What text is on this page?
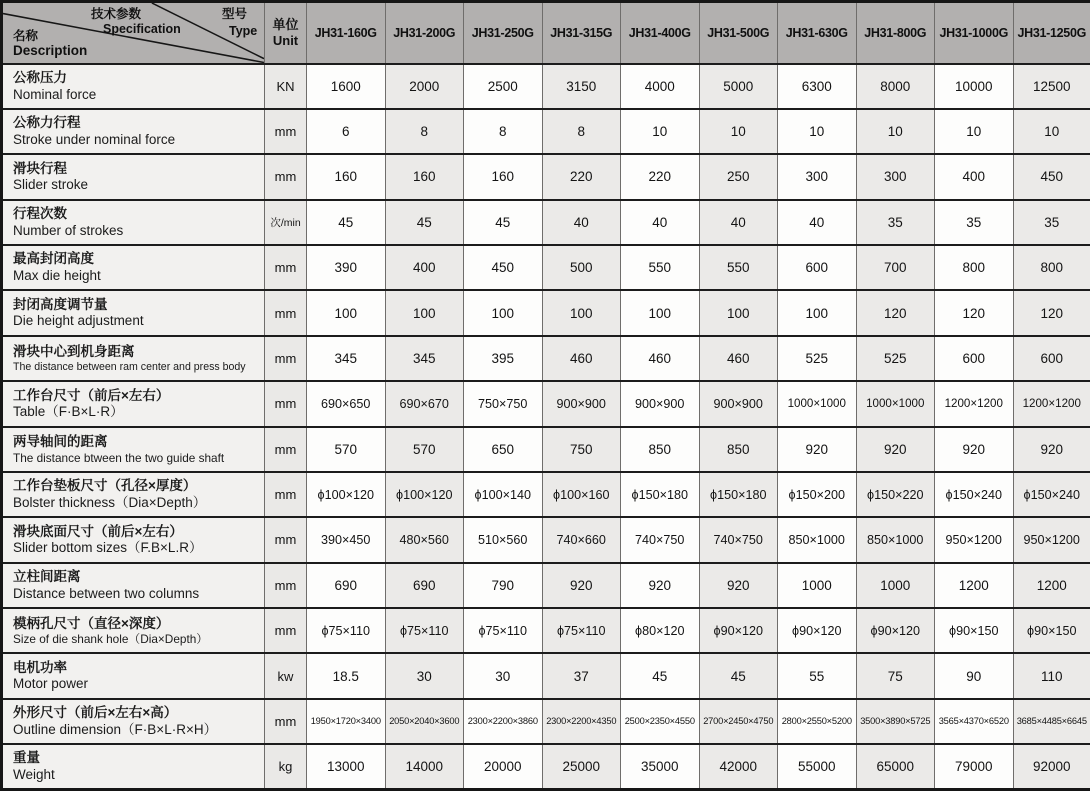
技术参数
Specification
型号
Type
名称
Description
	单位
Unit	JH31-160G	JH31-200G	JH31-250G	JH31-315G	JH31-400G	JH31-500G	JH31-630G	JH31-800G	JH31-1000G	JH31-1250G

公称压力
Nominal force	KN	1600	2000	2500	3150	4000	5000	6300	8000	10000	12500

公称力行程
Stroke under nominal force	mm	6	8	8	8	10	10	10	10	10	10

滑块行程
Slider stroke	mm	160	160	160	220	220	250	300	300	400	450

行程次数
Number of strokes	次/min	45	45	45	40	40	40	40	35	35	35

最高封闭高度
Max die height	mm	390	400	450	500	550	550	600	700	800	800

封闭高度调节量
Die height adjustment	mm	100	100	100	100	100	100	100	120	120	120

滑块中心到机身距离
The distance between ram center and press body	mm	345	345	395	460	460	460	525	525	600	600

工作台尺寸（前后×左右）
Table（F·B×L·R）	mm	690×650	690×670	750×750	900×900	900×900	900×900	1000×1000	1000×1000	1200×1200	1200×1200

两导轴间的距离
The distance btween the two guide shaft	mm	570	570	650	750	850	850	920	920	920	920

工作台垫板尺寸（孔径×厚度）
Bolster thickness（Dia×Depth）	mm	ϕ100×120	ϕ100×120	ϕ100×140	ϕ100×160	ϕ150×180	ϕ150×180	ϕ150×200	ϕ150×220	ϕ150×240	ϕ150×240

滑块底面尺寸（前后×左右）
Slider bottom sizes（F.B×L.R）	mm	390×450	480×560	510×560	740×660	740×750	740×750	850×1000	850×1000	950×1200	950×1200

立柱间距离
Distance between two columns	mm	690	690	790	920	920	920	1000	1000	1200	1200

模柄孔尺寸（直径×深度）
Size of die shank hole（Dia×Depth）	mm	ϕ75×110	ϕ75×110	ϕ75×110	ϕ75×110	ϕ80×120	ϕ90×120	ϕ90×120	ϕ90×120	ϕ90×150	ϕ90×150

电机功率
Motor power	kw	18.5	30	30	37	45	45	55	75	90	110

外形尺寸（前后×左右×高）
Outline dimension（F·B×L·R×H）	mm	1950×1720×3400	2050×2040×3600	2300×2200×3860	2300×2200×4350	2500×2350×4550	2700×2450×4750	2800×2550×5200	3500×3890×5725	3565×4370×6520	3685×4485×6645

重量
Weight	kg	13000	14000	20000	25000	35000	42000	55000	65000	79000	92000
